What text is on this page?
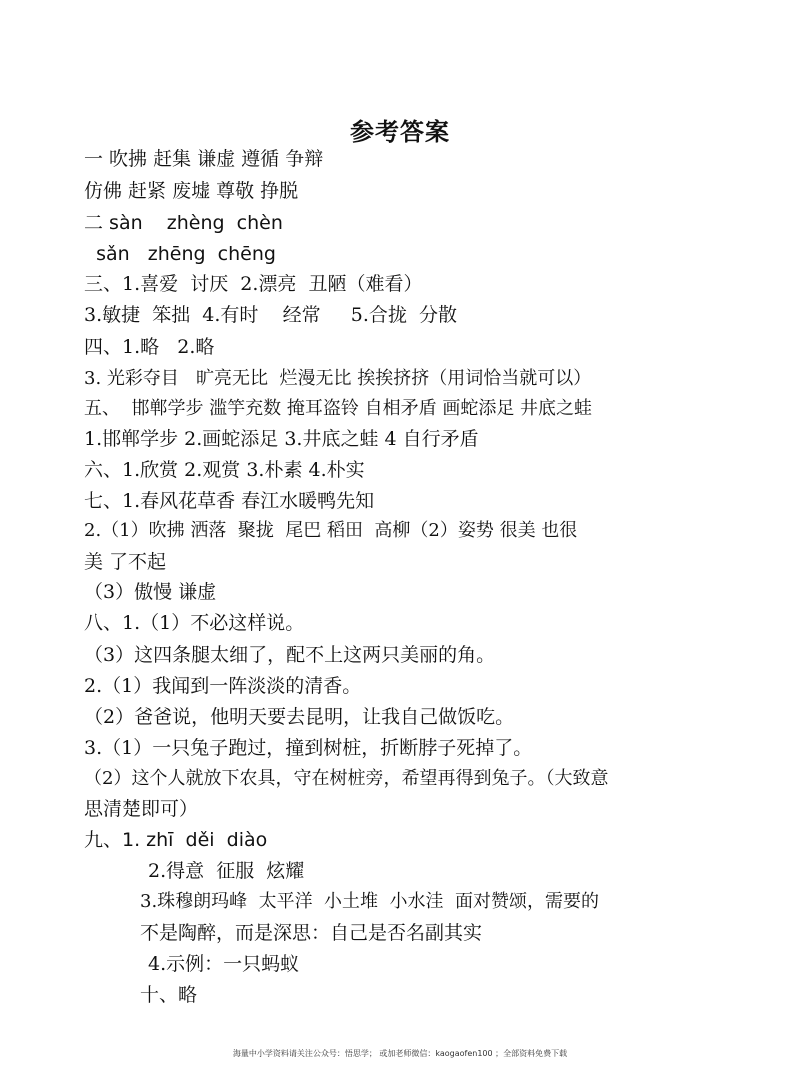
参考答案
一 吹拂 赶集 谦虚 遵循 争辩
仿佛 赶紧 废墟 尊敬 挣脱
二 sàn    zhèng  chèn
sǎn   zhēng  chēng
三、1.喜爱  讨厌  2.漂亮  丑陋（难看）
3.敏捷  笨拙  4.有时    经常     5.合拢  分散
四、1.略   2.略
3. 光彩夺目   旷亮无比  烂漫无比 挨挨挤挤（用词恰当就可以）
五、  邯郸学步 滥竽充数 掩耳盗铃 自相矛盾 画蛇添足 井底之蛙
1.邯郸学步 2.画蛇添足 3.井底之蛙 4 自行矛盾
六、1.欣赏 2.观赏 3.朴素 4.朴实
七、1.春风花草香 春江水暖鸭先知
2.（1）吹拂 洒落  聚拢  尾巴 稻田  高柳（2）姿势 很美 也很
美 了不起
（3）傲慢 谦虚
八、1.（1）不必这样说。
（3）这四条腿太细了，配不上这两只美丽的角。
2.（1）我闻到一阵淡淡的清香。
（2）爸爸说，他明天要去昆明，让我自己做饭吃。
3.（1）一只兔子跑过，撞到树桩，折断脖子死掉了。
（2）这个人就放下农具，守在树桩旁，希望再得到兔子。（大致意
思清楚即可）
九、1. zhī  děi  diào
2.得意  征服  炫耀
3.珠穆朗玛峰  太平洋  小土堆  小水洼  面对赞颂，需要的
不是陶醉，而是深思：自己是否名副其实
4.示例：一只蚂蚁
十、略
海量中小学资料请关注公众号：悟思学； 或加老师微信：kaogaofen100 ；全部资料免费下载
